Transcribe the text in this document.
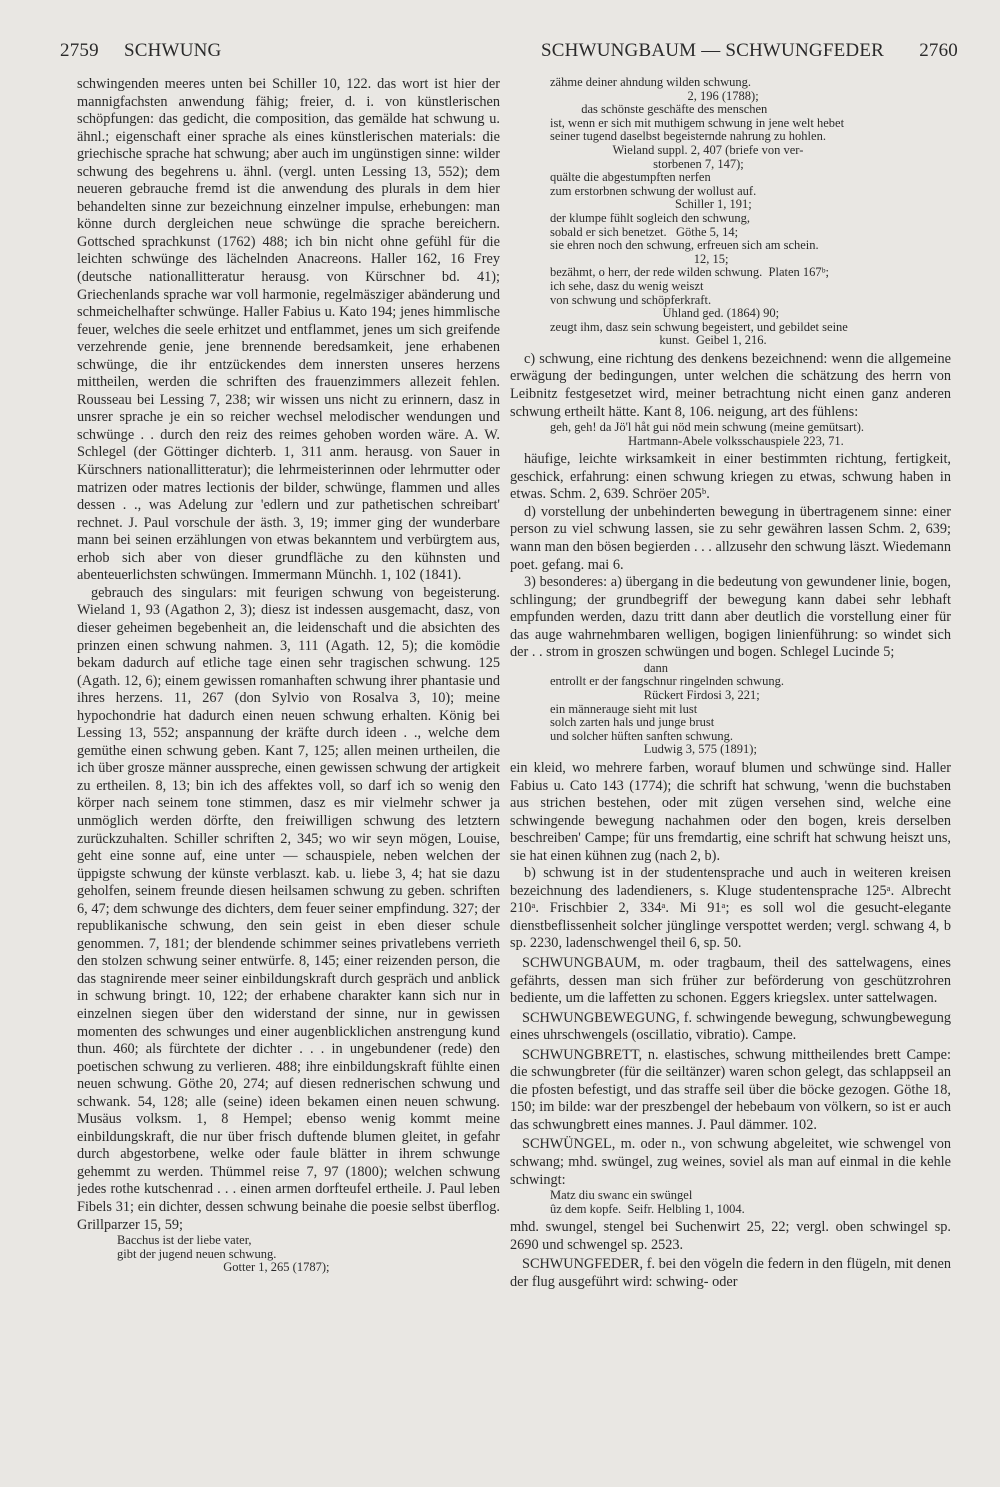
2759 SCHWUNG	SCHWUNGBAUM — SCHWUNGFEDER 2760

schwingenden meeres unten bei Schiller 10, 122. das wort ist hier der mannigfachsten anwendung fähig; freier, d. i. von künstlerischen schöpfungen: das gedicht, die composition, das gemälde hat schwung u. ähnl.; eigenschaft einer sprache als eines künstlerischen materials: die griechische sprache hat schwung; aber auch im ungünstigen sinne: wilder schwung des begehrens u. ähnl. (vergl. unten Lessing 13, 552); dem neueren gebrauche fremd ist die anwendung des plurals in dem hier behandelten sinne zur bezeichnung einzelner impulse, erhebungen: man könne durch dergleichen neue schwünge die sprache bereichern. Gottsched sprachkunst (1762) 488; ich bin nicht ohne gefühl für die leichten schwünge des lächelnden Anacreons. Haller 162, 16 Frey (deutsche nationallitteratur herausg. von Kürschner bd. 41); Griechenlands sprache war voll harmonie, regelmäsziger abänderung und schmeichelhafter schwünge. Haller Fabius u. Kato 194; jenes himmlische feuer, welches die seele erhitzet und entflammet, jenes um sich greifende verzehrende genie, jene brennende beredsamkeit, jene erhabenen schwünge, die ihr entzückendes dem innersten unseres herzens mittheilen, werden die schriften des frauenzimmers allezeit fehlen. Rousseau bei Lessing 7, 238; wir wissen uns nicht zu erinnern, dasz in unsrer sprache je ein so reicher wechsel melodischer wendungen und schwünge . . durch den reiz des reimes gehoben worden wäre. A. W. Schlegel (der Göttinger dichterb. 1, 311 anm. herausg. von Sauer in Kürschners nationallitteratur); die lehrmeisterinnen oder lehrmutter oder matrizen oder matres lectionis der bilder, schwünge, flammen und alles dessen . ., was Adelung zur 'edlern und zur pathetischen schreibart' rechnet. J. Paul vorschule der ästh. 3, 19; immer ging der wunderbare mann bei seinen erzählungen von etwas bekanntem und verbürgtem aus, erhob sich aber von dieser grundfläche zu den kühnsten und abenteuerlichsten schwüngen. Immermann Münchh. 1, 102 (1841).

gebrauch des singulars: mit feurigen schwung von begeisterung. Wieland 1, 93 (Agathon 2, 3); diesz ist indessen ausgemacht, dasz, von dieser geheimen begebenheit an, die leidenschaft und die absichten des prinzen einen schwung nahmen. 3, 111 (Agath. 12, 5); die komödie bekam dadurch auf etliche tage einen sehr tragischen schwung. 125 (Agath. 12, 6); einem gewissen romanhaften schwung ihrer phantasie und ihres herzens. 11, 267 (don Sylvio von Rosalva 3, 10); meine hypochondrie hat dadurch einen neuen schwung erhalten. König bei Lessing 13, 552; anspannung der kräfte durch ideen . ., welche dem gemüthe einen schwung geben. Kant 7, 125; allen meinen urtheilen, die ich über grosze männer ausspreche, einen gewissen schwung der artigkeit zu ertheilen. 8, 13; bin ich des affektes voll, so darf ich so wenig den körper nach seinem tone stimmen, dasz es mir vielmehr schwer ja unmöglich werden dörfte, den freiwilligen schwung des letztern zurückzuhalten. Schiller schriften 2, 345; wo wir seyn mögen, Louise, geht eine sonne auf, eine unter — schauspiele, neben welchen der üppigste schwung der künste verblaszt. kab. u. liebe 3, 4; hat sie dazu geholfen, seinem freunde diesen heilsamen schwung zu geben. schriften 6, 47; dem schwunge des dichters, dem feuer seiner empfindung. 327; der republikanische schwung, den sein geist in eben dieser schule genommen. 7, 181; der blendende schimmer seines privatlebens verrieth den stolzen schwung seiner entwürfe. 8, 145; einer reizenden person, die das stagnirende meer seiner einbildungskraft durch gespräch und anblick in schwung bringt. 10, 122; der erhabene charakter kann sich nur in einzelnen siegen über den widerstand der sinne, nur in gewissen momenten des schwunges und einer augenblicklichen anstrengung kund thun. 460; als fürchtete der dichter . . . in ungebundener (rede) den poetischen schwung zu verlieren. 488; ihre einbildungskraft fühlte einen neuen schwung. Göthe 20, 274; auf diesen rednerischen schwung und schwank. 54, 128; alle (seine) ideen bekamen einen neuen schwung. Musäus volksm. 1, 8 Hempel; ebenso wenig kommt meine einbildungskraft, die nur über frisch duftende blumen gleitet, in gefahr durch abgestorbene, welke oder faule blätter in ihrem schwunge gehemmt zu werden. Thümmel reise 7, 97 (1800); welchen schwung jedes rothe kutschenrad . . . einen armen dorfteufel ertheile. J. Paul leben Fibels 31; ein dichter, dessen schwung beinahe die poesie selbst überflog. Grillparzer 15, 59;

Bacchus ist der liebe vater,
gibt der jugend neuen schwung.
Gotter 1, 265 (1787);
zähme deiner ahndung wilden schwung.
2, 196 (1788);
das schönste geschäfte des menschen
ist, wenn er sich mit muthigem schwung in jene welt hebet
seiner tugend daselbst begeisternde nahrung zu hohlen.
Wieland suppl. 2, 407 (briefe von ver-
storbenen 7, 147);
quälte die abgestumpften nerfen
zum erstorbnen schwung der wollust auf.
Schiller 1, 191;
der klumpe fühlt sogleich den schwung,
sobald er sich benetzet.   Göthe 5, 14;
sie ehren noch den schwung, erfreuen sich am schein.
12, 15;
bezähmt, o herr, der rede wilden schwung.  Platen 167ᵇ;
ich sehe, dasz du wenig weiszt
von schwung und schöpferkraft.
Uhland ged. (1864) 90;
zeugt ihm, dasz sein schwung begeistert, und gebildet seine
kunst.  Geibel 1, 216.

c) schwung, eine richtung des denkens bezeichnend: wenn die allgemeine erwägung der bedingungen, unter welchen die schätzung des herrn von Leibnitz festgesetzet wird, meiner betrachtung nicht einen ganz anderen schwung ertheilt hätte. Kant 8, 106. neigung, art des fühlens:

geh, geh! da Jö'l håt gui nöd mein schwung (meine gemütsart).
Hartmann-Abele volksschauspiele 223, 71.

häufige, leichte wirksamkeit in einer bestimmten richtung, fertigkeit, geschick, erfahrung: einen schwung kriegen zu etwas, schwung haben in etwas. Schm. 2, 639. Schröer 205ᵇ.

d) vorstellung der unbehinderten bewegung in übertragenem sinne: einer person zu viel schwung lassen, sie zu sehr gewähren lassen Schm. 2, 639; wann man den bösen begierden . . . allzusehr den schwung läszt. Wiedemann poet. gefang. mai 6.

3) besonderes: a) übergang in die bedeutung von gewundener linie, bogen, schlingung; der grundbegriff der bewegung kann dabei sehr lebhaft empfunden werden, dazu tritt dann aber deutlich die vorstellung einer für das auge wahrnehmbaren welligen, bogigen linienführung: so windet sich der . . strom in groszen schwüngen und bogen. Schlegel Lucinde 5;

dann
entrollt er der fangschnur ringelnden schwung.
Rückert Firdosi 3, 221;
ein männerauge sieht mit lust
solch zarten hals und junge brust
und solcher hüften sanften schwung.
Ludwig 3, 575 (1891);

ein kleid, wo mehrere farben, worauf blumen und schwünge sind. Haller Fabius u. Cato 143 (1774); die schrift hat schwung, 'wenn die buchstaben aus strichen bestehen, oder mit zügen versehen sind, welche eine schwingende bewegung nachahmen oder den bogen, kreis derselben beschreiben' Campe; für uns fremdartig, eine schrift hat schwung heiszt uns, sie hat einen kühnen zug (nach 2, b).

b) schwung ist in der studentensprache und auch in weiteren kreisen bezeichnung des ladendieners, s. Kluge studentensprache 125ᵃ. Albrecht 210ᵃ. Frischbier 2, 334ᵃ. Mi 91ᵃ; es soll wol die gesucht-elegante dienstbeflissenheit solcher jünglinge verspottet werden; vergl. schwang 4, b sp. 2230, ladenschwengel theil 6, sp. 50.

SCHWUNGBAUM, m. oder tragbaum, theil des sattelwagens, eines gefährts, dessen man sich früher zur beförderung von geschützrohren bediente, um die laffetten zu schonen. Eggers kriegslex. unter sattelwagen.

SCHWUNGBEWEGUNG, f. schwingende bewegung, schwungbewegung eines uhrschwengels (oscillatio, vibratio). Campe.

SCHWUNGBRETT, n. elastisches, schwung mittheilendes brett Campe: die schwungbreter (für die seiltänzer) waren schon gelegt, das schlappseil an die pfosten befestigt, und das straffe seil über die böcke gezogen. Göthe 18, 150; im bilde: war der preszbengel der hebebaum von völkern, so ist er auch das schwungbrett eines mannes. J. Paul dämmer. 102.

SCHWÜNGEL, m. oder n., von schwung abgeleitet, wie schwengel von schwang; mhd. swüngel, zug weines, soviel als man auf einmal in die kehle schwingt:

Matz diu swanc ein swüngel
ûz dem kopfe.  Seifr. Helbling 1, 1004.

mhd. swungel, stengel bei Suchenwirt 25, 22; vergl. oben schwingel sp. 2690 und schwengel sp. 2523.

SCHWUNGFEDER, f. bei den vögeln die federn in den flügeln, mit denen der flug ausgeführt wird: schwing- oder
